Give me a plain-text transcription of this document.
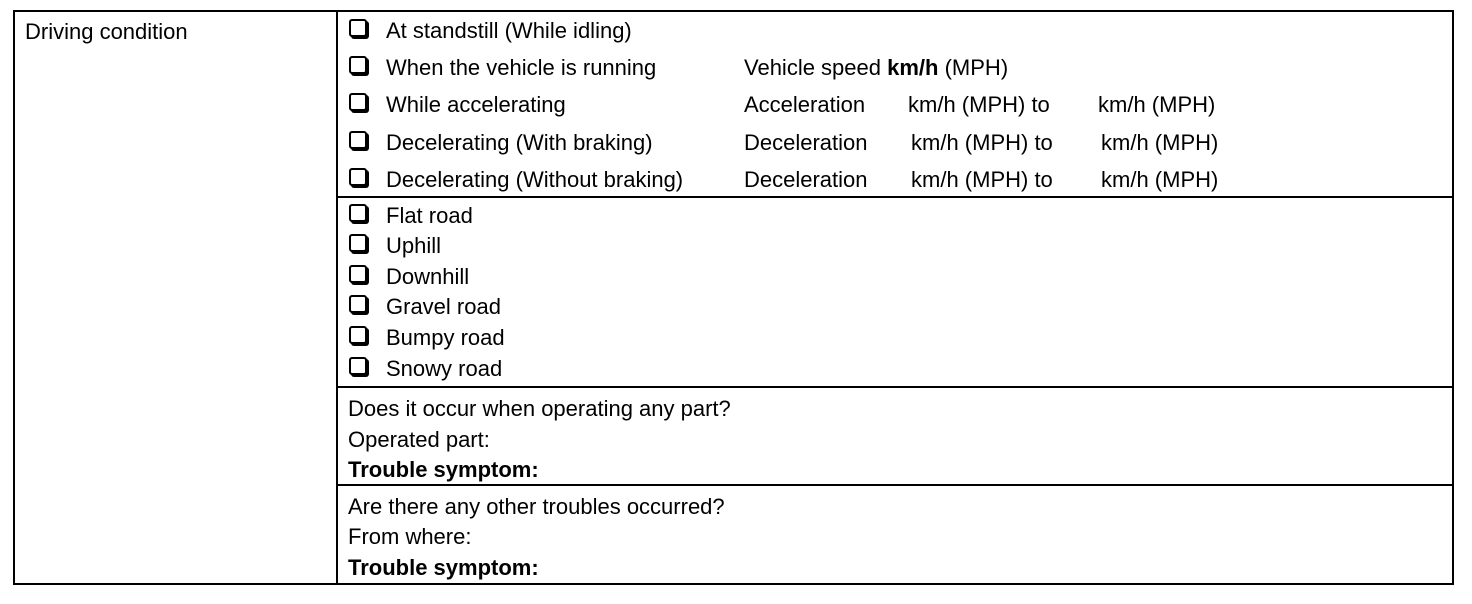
Driving condition	At standstill (While idling)
When the vehicle is running	Vehicle speed km/h (MPH)
While accelerating	Acceleration km/h (MPH) to km/h (MPH)
Decelerating (With braking)	Deceleration km/h (MPH) to km/h (MPH)
Decelerating (Without braking)	Deceleration km/h (MPH) to km/h (MPH)
Flat road
Uphill
Downhill
Gravel road
Bumpy road
Snowy road
Does it occur when operating any part?
Operated part:
Trouble symptom:
Are there any other troubles occurred?
From where:
Trouble symptom:
